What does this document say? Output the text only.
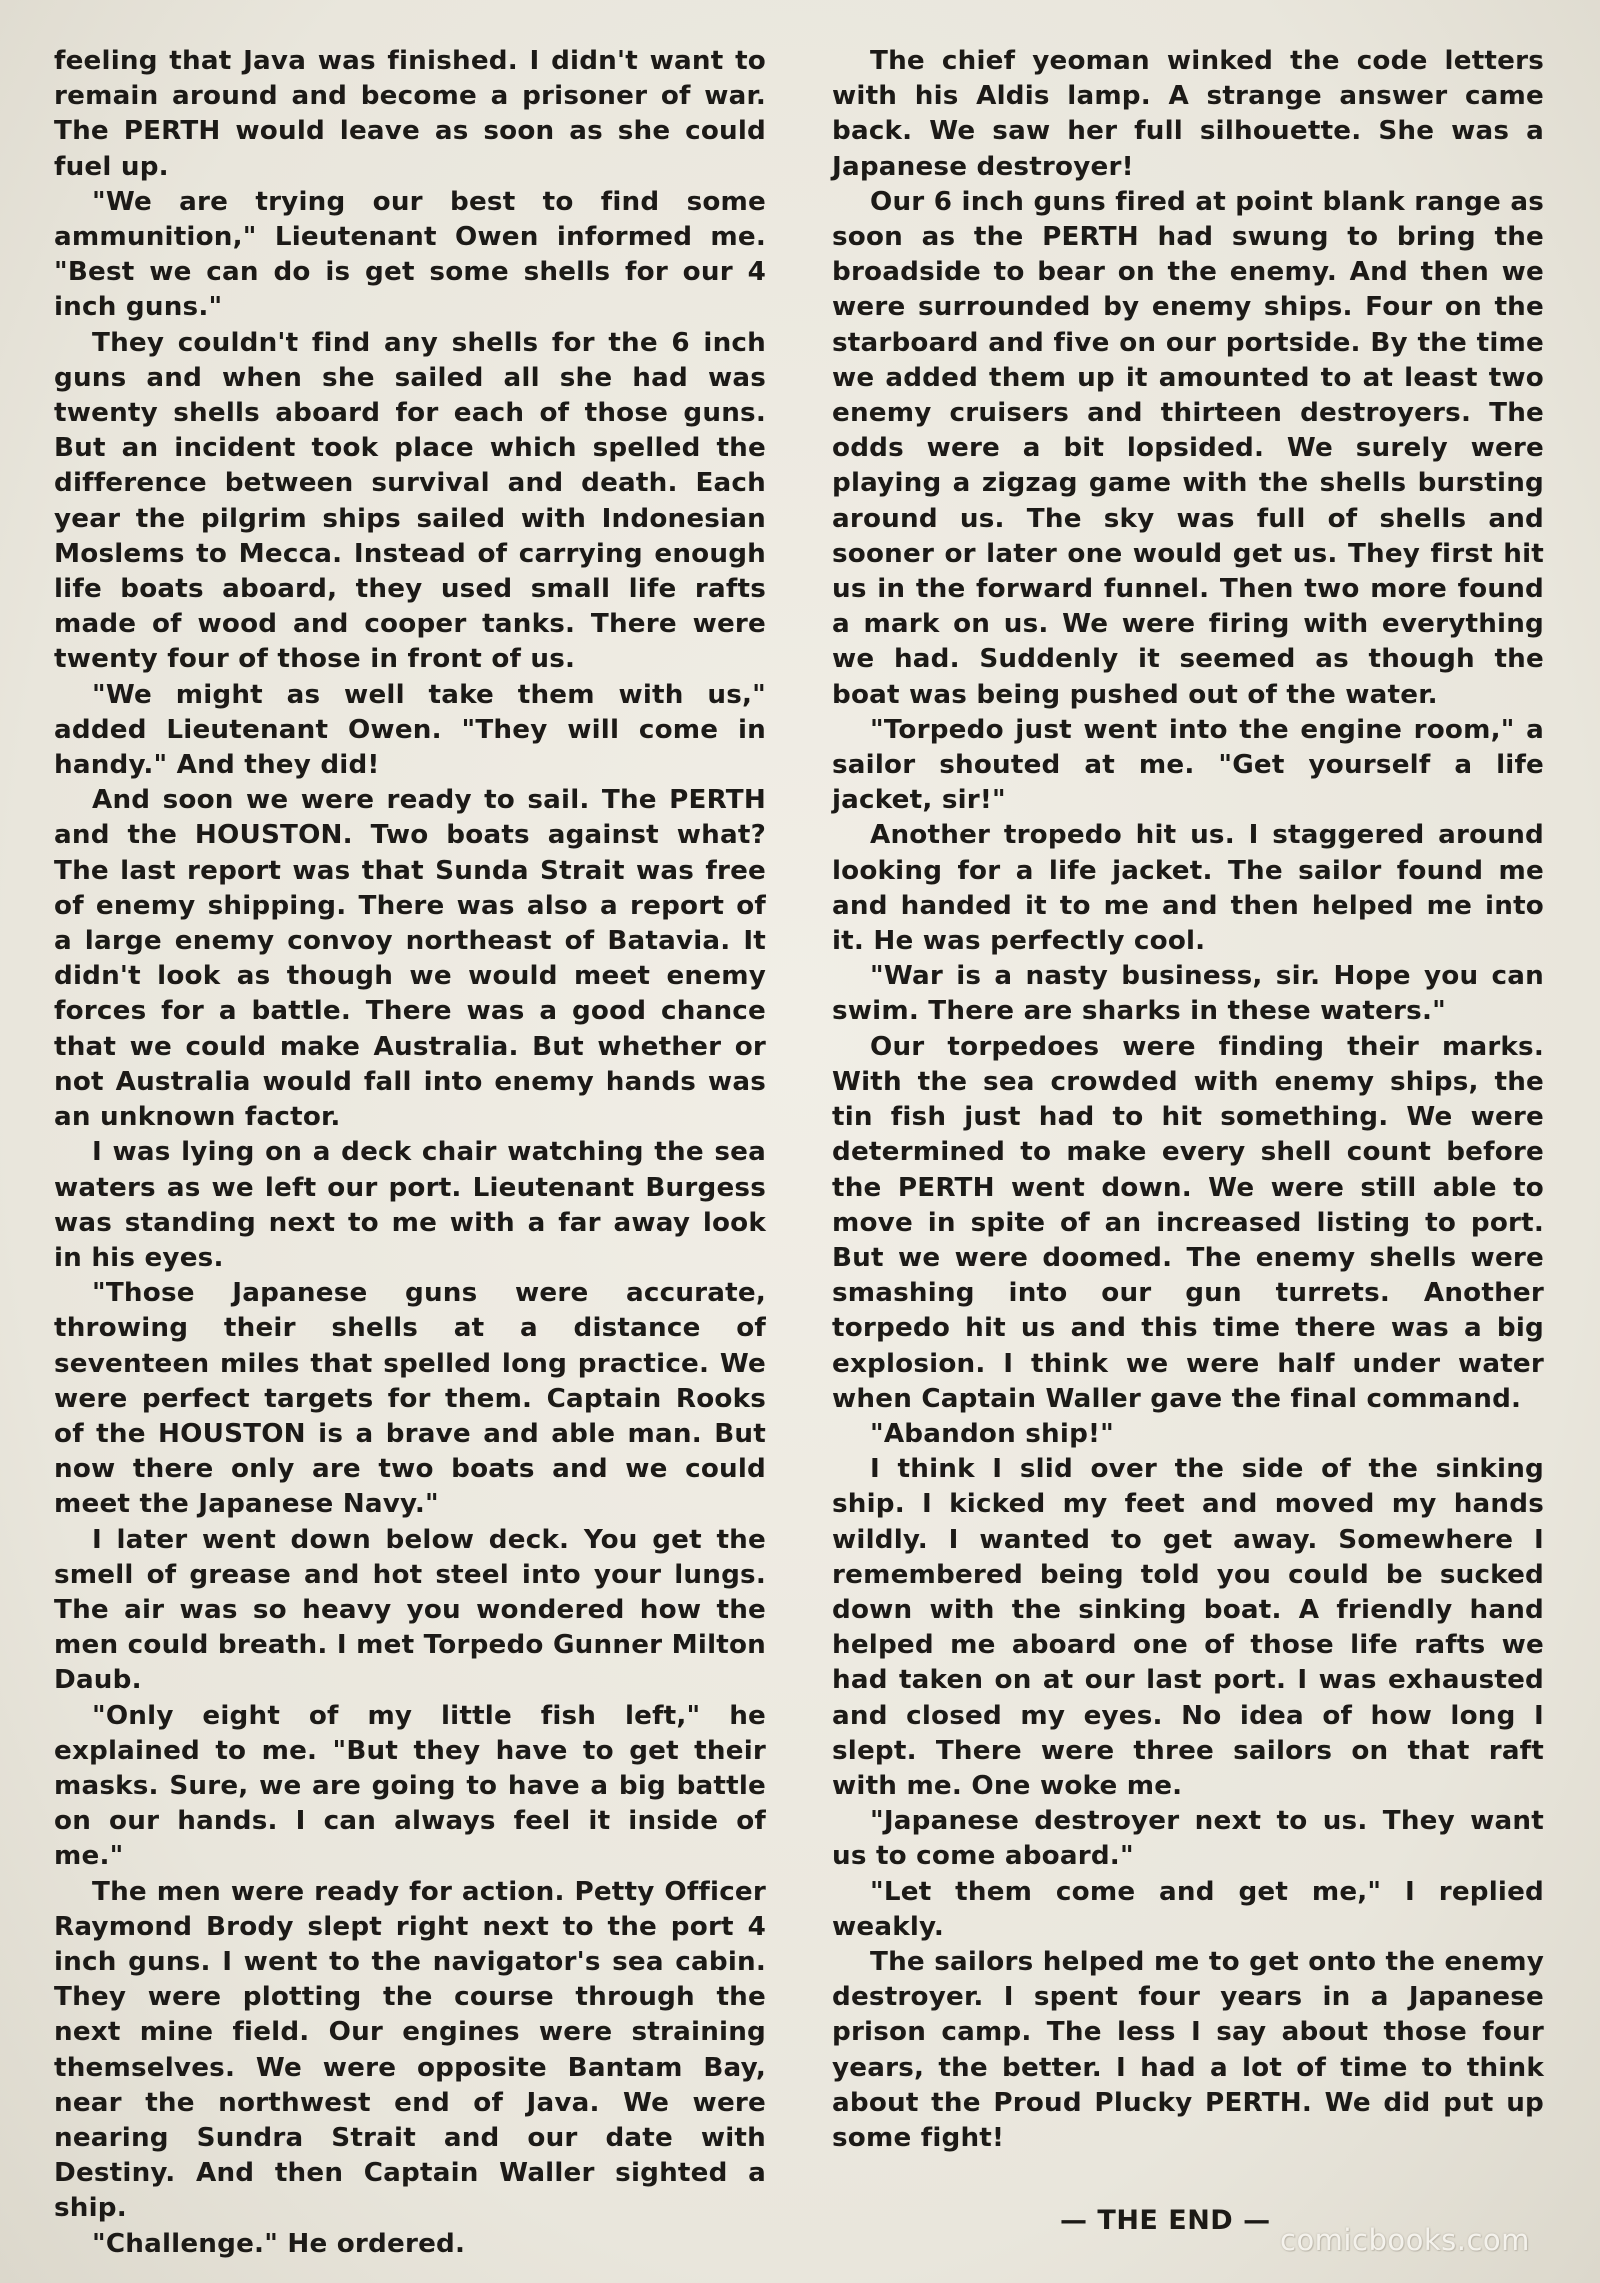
feeling that Java was finished. I didn't want to remain around and become a prisoner of war. The PERTH would leave as soon as she could fuel up.

"We are trying our best to find some ammunition," Lieutenant Owen informed me. "Best we can do is get some shells for our 4 inch guns."

They couldn't find any shells for the 6 inch guns and when she sailed all she had was twenty shells aboard for each of those guns. But an incident took place which spelled the difference between survival and death. Each year the pilgrim ships sailed with Indonesian Moslems to Mecca. Instead of carrying enough life boats aboard, they used small life rafts made of wood and cooper tanks. There were twenty four of those in front of us.

"We might as well take them with us," added Lieutenant Owen. "They will come in handy." And they did!

And soon we were ready to sail. The PERTH and the HOUSTON. Two boats against what? The last report was that Sunda Strait was free of enemy shipping. There was also a report of a large enemy convoy northeast of Batavia. It didn't look as though we would meet enemy forces for a battle. There was a good chance that we could make Australia. But whether or not Australia would fall into enemy hands was an unknown factor.

I was lying on a deck chair watching the sea waters as we left our port. Lieutenant Burgess was standing next to me with a far away look in his eyes.

"Those Japanese guns were accurate, throwing their shells at a distance of seventeen miles that spelled long practice. We were perfect targets for them. Captain Rooks of the HOUSTON is a brave and able man. But now there only are two boats and we could meet the Japanese Navy."

I later went down below deck. You get the smell of grease and hot steel into your lungs. The air was so heavy you wondered how the men could breath. I met Torpedo Gunner Milton Daub.

"Only eight of my little fish left," he explained to me. "But they have to get their masks. Sure, we are going to have a big battle on our hands. I can always feel it inside of me."

The men were ready for action. Petty Officer Raymond Brody slept right next to the port 4 inch guns. I went to the navigator's sea cabin. They were plotting the course through the next mine field. Our engines were straining themselves. We were opposite Bantam Bay, near the northwest end of Java. We were nearing Sundra Strait and our date with Destiny. And then Captain Waller sighted a ship.

"Challenge." He ordered.

The chief yeoman winked the code letters with his Aldis lamp. A strange answer came back. We saw her full silhouette. She was a Japanese destroyer!

Our 6 inch guns fired at point blank range as soon as the PERTH had swung to bring the broadside to bear on the enemy. And then we were surrounded by enemy ships. Four on the starboard and five on our portside. By the time we added them up it amounted to at least two enemy cruisers and thirteen destroyers. The odds were a bit lopsided. We surely were playing a zigzag game with the shells bursting around us. The sky was full of shells and sooner or later one would get us. They first hit us in the forward funnel. Then two more found a mark on us. We were firing with everything we had. Suddenly it seemed as though the boat was being pushed out of the water.

"Torpedo just went into the engine room," a sailor shouted at me. "Get yourself a life jacket, sir!"

Another tropedo hit us. I staggered around looking for a life jacket. The sailor found me and handed it to me and then helped me into it. He was perfectly cool.

"War is a nasty business, sir. Hope you can swim. There are sharks in these waters."

Our torpedoes were finding their marks. With the sea crowded with enemy ships, the tin fish just had to hit something. We were determined to make every shell count before the PERTH went down. We were still able to move in spite of an increased listing to port. But we were doomed. The enemy shells were smashing into our gun turrets. Another torpedo hit us and this time there was a big explosion. I think we were half under water when Captain Waller gave the final command.

"Abandon ship!"

I think I slid over the side of the sinking ship. I kicked my feet and moved my hands wildly. I wanted to get away. Somewhere I remembered being told you could be sucked down with the sinking boat. A friendly hand helped me aboard one of those life rafts we had taken on at our last port. I was exhausted and closed my eyes. No idea of how long I slept. There were three sailors on that raft with me. One woke me.

"Japanese destroyer next to us. They want us to come aboard."

"Let them come and get me," I replied weakly.

The sailors helped me to get onto the enemy destroyer. I spent four years in a Japanese prison camp. The less I say about those four years, the better. I had a lot of time to think about the Proud Plucky PERTH. We did put up some fight!

— THE END —
comicbooks.com
